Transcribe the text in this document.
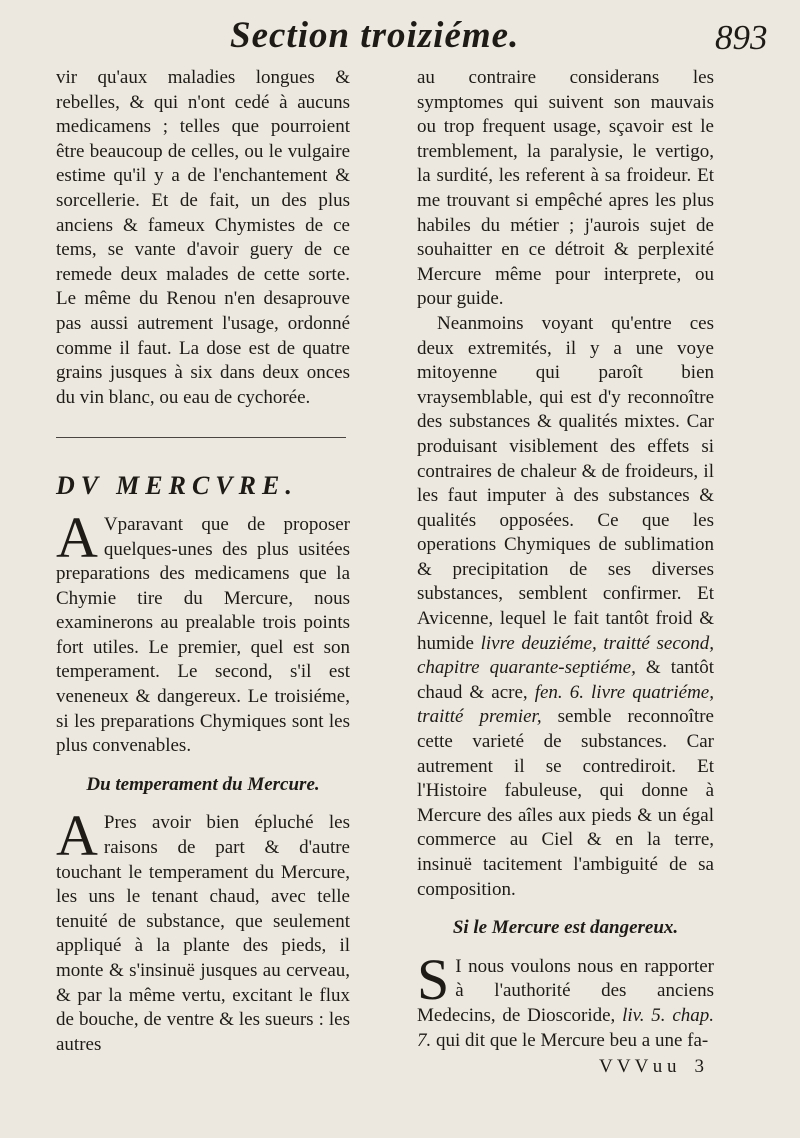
Section troiziéme.	893

vir qu'aux maladies longues & rebelles, & qui n'ont cedé à aucuns medicamens ; telles que pourroient être beaucoup de celles, ou le vulgaire estime qu'il y a de l'enchantement & sorcellerie. Et de fait, un des plus anciens & fameux Chymistes de ce tems, se vante d'avoir guery de ce remede deux malades de cette sorte. Le même du Renou n'en desaprouve pas aussi autrement l'usage, ordonné comme il faut. La dose est de quatre grains jusques à six dans deux onces du vin blanc, ou eau de cychorée.

DV MERCVRE.

A Vparavant que de proposer quelques-unes des plus usitées preparations des medicamens que la Chymie tire du Mercure, nous examinerons au prealable trois points fort utiles. Le premier, quel est son temperament. Le second, s'il est veneneux & dangereux. Le troisiéme, si les preparations Chymiques sont les plus convenables.

Du temperament du Mercure.

A Pres avoir bien épluché les raisons de part & d'autre touchant le temperament du Mercure, les uns le tenant chaud, avec telle tenuité de substance, que seulement appliqué à la plante des pieds, il monte & s'insinuë jusques au cerveau, & par la même vertu, excitant le flux de bouche, de ventre & les sueurs : les autres

au contraire considerans les symptomes qui suivent son mauvais ou trop frequent usage, sçavoir est le tremblement, la paralysie, le vertigo, la surdité, les referent à sa froideur. Et me trouvant si empêché apres les plus habiles du métier ; j'aurois sujet de souhaitter en ce détroit & perplexité Mercure même pour interprete, ou pour guide.

Neanmoins voyant qu'entre ces deux extremités, il y a une voye mitoyenne qui paroît bien vraysemblable, qui est d'y reconnoître des substances & qualités mixtes. Car produisant visiblement des effets si contraires de chaleur & de froideurs, il les faut imputer à des substances & qualités opposées. Ce que les operations Chymiques de sublimation & precipitation de ses diverses substances, semblent confirmer. Et Avicenne, lequel le fait tantôt froid & humide livre deuziéme, traitté second, chapitre quarante-septiéme, & tantôt chaud & acre, fen. 6. livre quatriéme, traitté premier, semble reconnoître cette varieté de substances. Car autrement il se contrediroit. Et l'Histoire fabuleuse, qui donne à Mercure des aîles aux pieds & un égal commerce au Ciel & en la terre, insinuë tacitement l'ambiguité de sa composition.

Si le Mercure est dangereux.

S I nous voulons nous en rapporter à l'authorité des anciens Medecins, de Dioscoride, liv. 5. chap. 7. qui dit que le Mercure beu a une fa-

V V V u u 3
